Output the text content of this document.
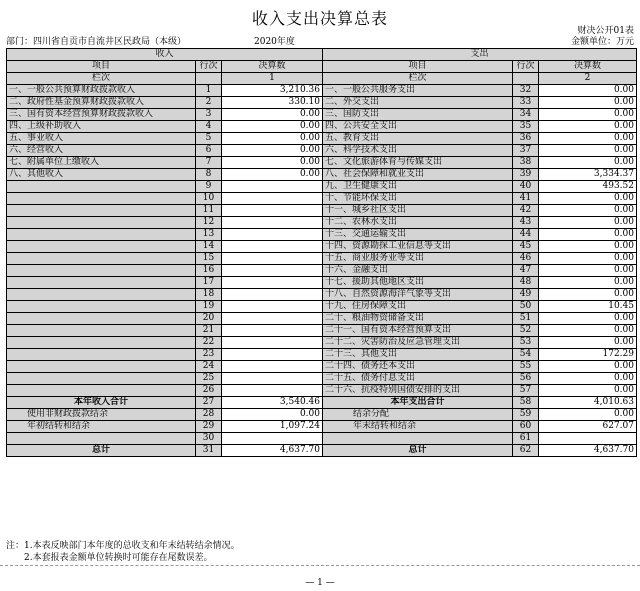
收入支出决算总表
财决公开01表
部门：四川省自贡市自流井区民政局（本级）	2020年度	金额单位：万元
收入			支出		
项目	行次	决算数	项目	行次	决算数
栏次		1	栏次		2
一、一般公共预算财政拨款收入	1	3,210.36	一、一般公共服务支出	32	0.00
二、政府性基金预算财政拨款收入	2	330.10	二、外交支出	33	0.00
三、国有资本经营预算财政拨款收入	3	0.00	三、国防支出	34	0.00
四、上级补助收入	4	0.00	四、公共安全支出	35	0.00
五、事业收入	5	0.00	五、教育支出	36	0.00
六、经营收入	6	0.00	六、科学技术支出	37	0.00
七、附属单位上缴收入	7	0.00	七、文化旅游体育与传媒支出	38	0.00
八、其他收入	8	0.00	八、社会保障和就业支出	39	3,334.37
	9		九、卫生健康支出	40	493.52
	10		十、节能环保支出	41	0.00
	11		十一、城乡社区支出	42	0.00
	12		十二、农林水支出	43	0.00
	13		十三、交通运输支出	44	0.00
	14		十四、资源勘探工业信息等支出	45	0.00
	15		十五、商业服务业等支出	46	0.00
	16		十六、金融支出	47	0.00
	17		十七、援助其他地区支出	48	0.00
	18		十八、自然资源海洋气象等支出	49	0.00
	19		十九、住房保障支出	50	10.45
	20		二十、粮油物资储备支出	51	0.00
	21		二十一、国有资本经营预算支出	52	0.00
	22		二十二、灾害防治及应急管理支出	53	0.00
	23		二十三、其他支出	54	172.29
	24		二十四、债务还本支出	55	0.00
	25		二十五、债务付息支出	56	0.00
	26		二十六、抗疫特别国债安排的支出	57	0.00
本年收入合计	27	3,540.46	本年支出合计	58	4,010.63
使用非财政拨款结余	28	0.00	结余分配	59	0.00
年初结转和结余	29	1,097.24	年末结转和结余	60	627.07
	30			61	
总计	31	4,637.70	总计	62	4,637.70
注：1.本表反映部门本年度的总收支和年末结转结余情况。
2.本套报表金额单位转换时可能存在尾数误差。
— 1 —
